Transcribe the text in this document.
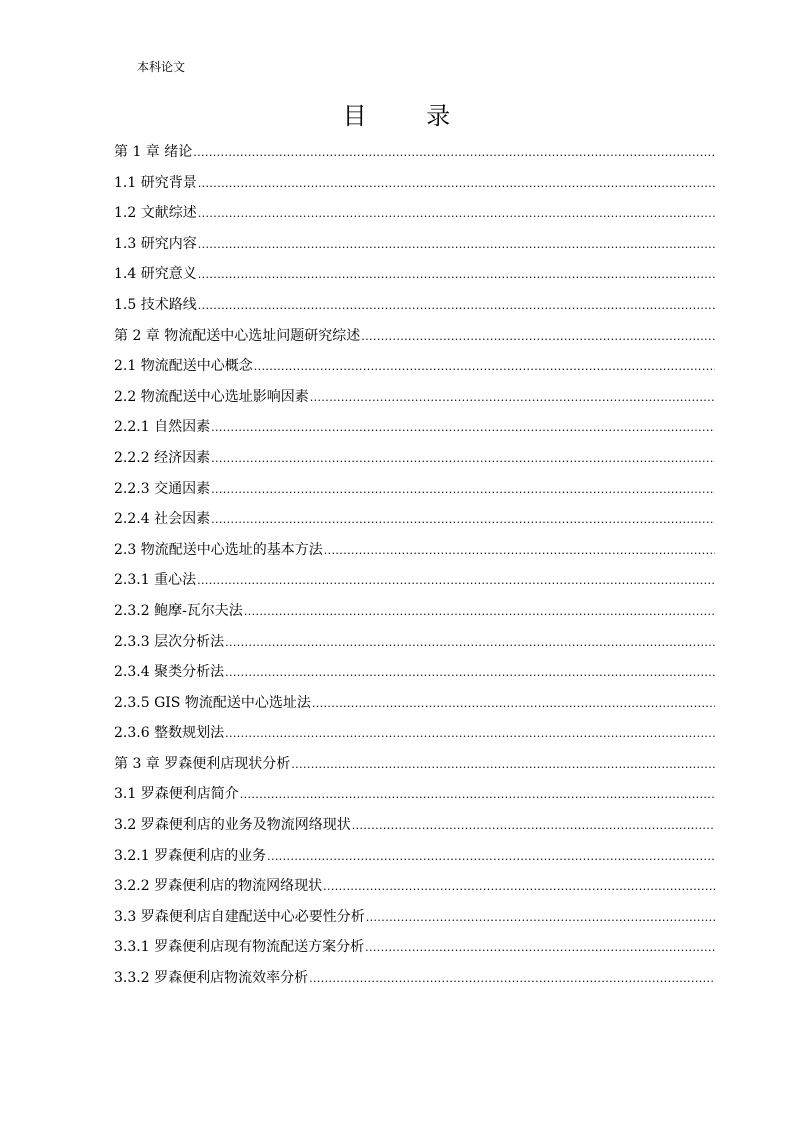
本科论文
目 录
第 1 章 绪论
.....
1.1 研究背景
.....
1.2 文献综述
.....
1.3 研究内容
.....
1.4 研究意义
.....
1.5 技术路线
.....
第 2 章 物流配送中心选址问题研究综述
.....
2.1 物流配送中心概念
.....
2.2 物流配送中心选址影响因素
.....
2.2.1 自然因素
.....
2.2.2 经济因素
.....
2.2.3 交通因素
.....
2.2.4 社会因素
.....
2.3 物流配送中心选址的基本方法
.....
2.3.1 重心法
.....
2.3.2 鲍摩-瓦尔夫法
.....
2.3.3 层次分析法
.....
2.3.4 聚类分析法
.....
2.3.5 GIS 物流配送中心选址法
.....
2.3.6 整数规划法
.....
第 3 章 罗森便利店现状分析
.....
3.1 罗森便利店简介
.....
3.2 罗森便利店的业务及物流网络现状
.....
3.2.1 罗森便利店的业务
.....
3.2.2 罗森便利店的物流网络现状
.....
3.3 罗森便利店自建配送中心必要性分析
.....
3.3.1 罗森便利店现有物流配送方案分析
.....
3.3.2 罗森便利店物流效率分析
.....
